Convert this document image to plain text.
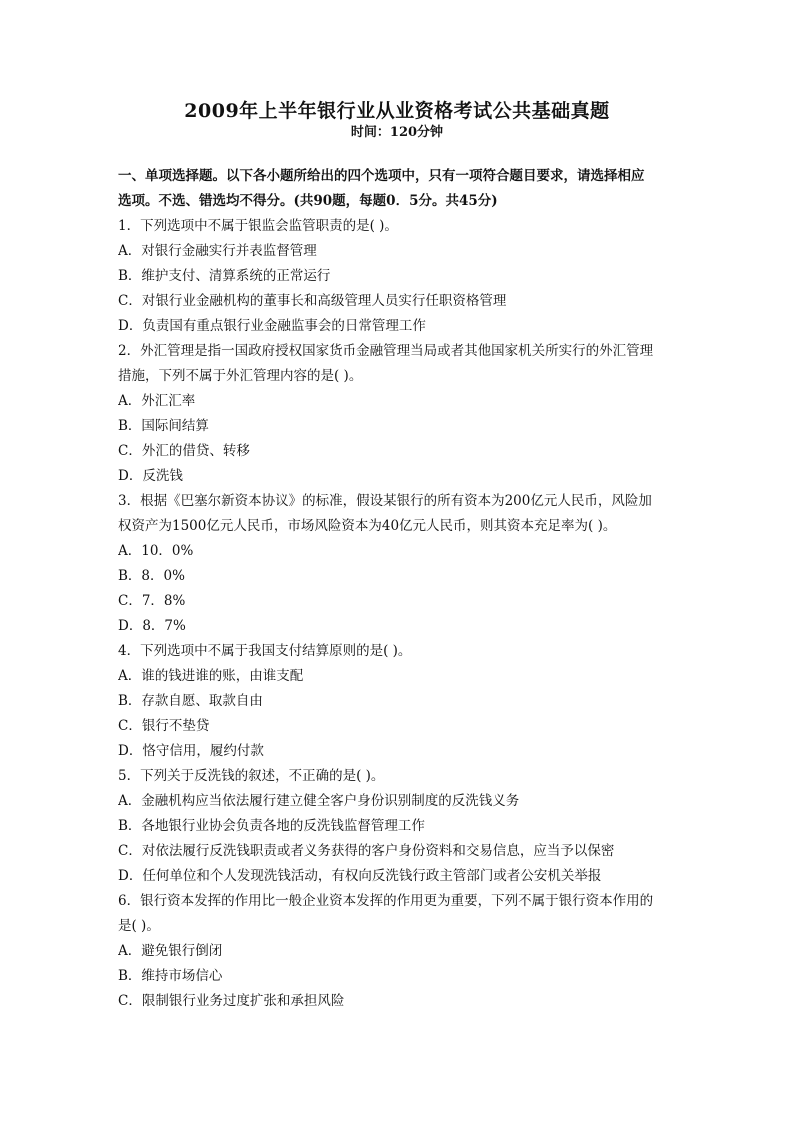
2009年上半年银行业从业资格考试公共基础真题
时间：120分钟
一、单项选择题。以下各小题所给出的四个选项中，只有一项符合题目要求，请选择相应
选项。不选、错选均不得分。(共90题，每题0．5分。共45分)
1．下列选项中不属于银监会监管职责的是( )。
A．对银行金融实行并表监督管理
B．维护支付、清算系统的正常运行
C．对银行业金融机构的董事长和高级管理人员实行任职资格管理
D．负责国有重点银行业金融监事会的日常管理工作
2．外汇管理是指一国政府授权国家货币金融管理当局或者其他国家机关所实行的外汇管理
措施，下列不属于外汇管理内容的是( )。
A．外汇汇率
B．国际间结算
C．外汇的借贷、转移
D．反洗钱
3．根据《巴塞尔新资本协议》的标准，假设某银行的所有资本为200亿元人民币，风险加
权资产为1500亿元人民币，市场风险资本为40亿元人民币，则其资本充足率为( )。
A．10．0%
B．8．0%
C．7．8%
D．8．7%
4．下列选项中不属于我国支付结算原则的是( )。
A．谁的钱进谁的账，由谁支配
B．存款自愿、取款自由
C．银行不垫贷
D．恪守信用，履约付款
5．下列关于反洗钱的叙述，不正确的是( )。
A．金融机构应当依法履行建立健全客户身份识别制度的反洗钱义务
B．各地银行业协会负责各地的反洗钱监督管理工作
C．对依法履行反洗钱职责或者义务获得的客户身份资料和交易信息，应当予以保密
D．任何单位和个人发现洗钱活动，有权向反洗钱行政主管部门或者公安机关举报
6．银行资本发挥的作用比一般企业资本发挥的作用更为重要，下列不属于银行资本作用的
是( )。
A．避免银行倒闭
B．维持市场信心
C．限制银行业务过度扩张和承担风险
